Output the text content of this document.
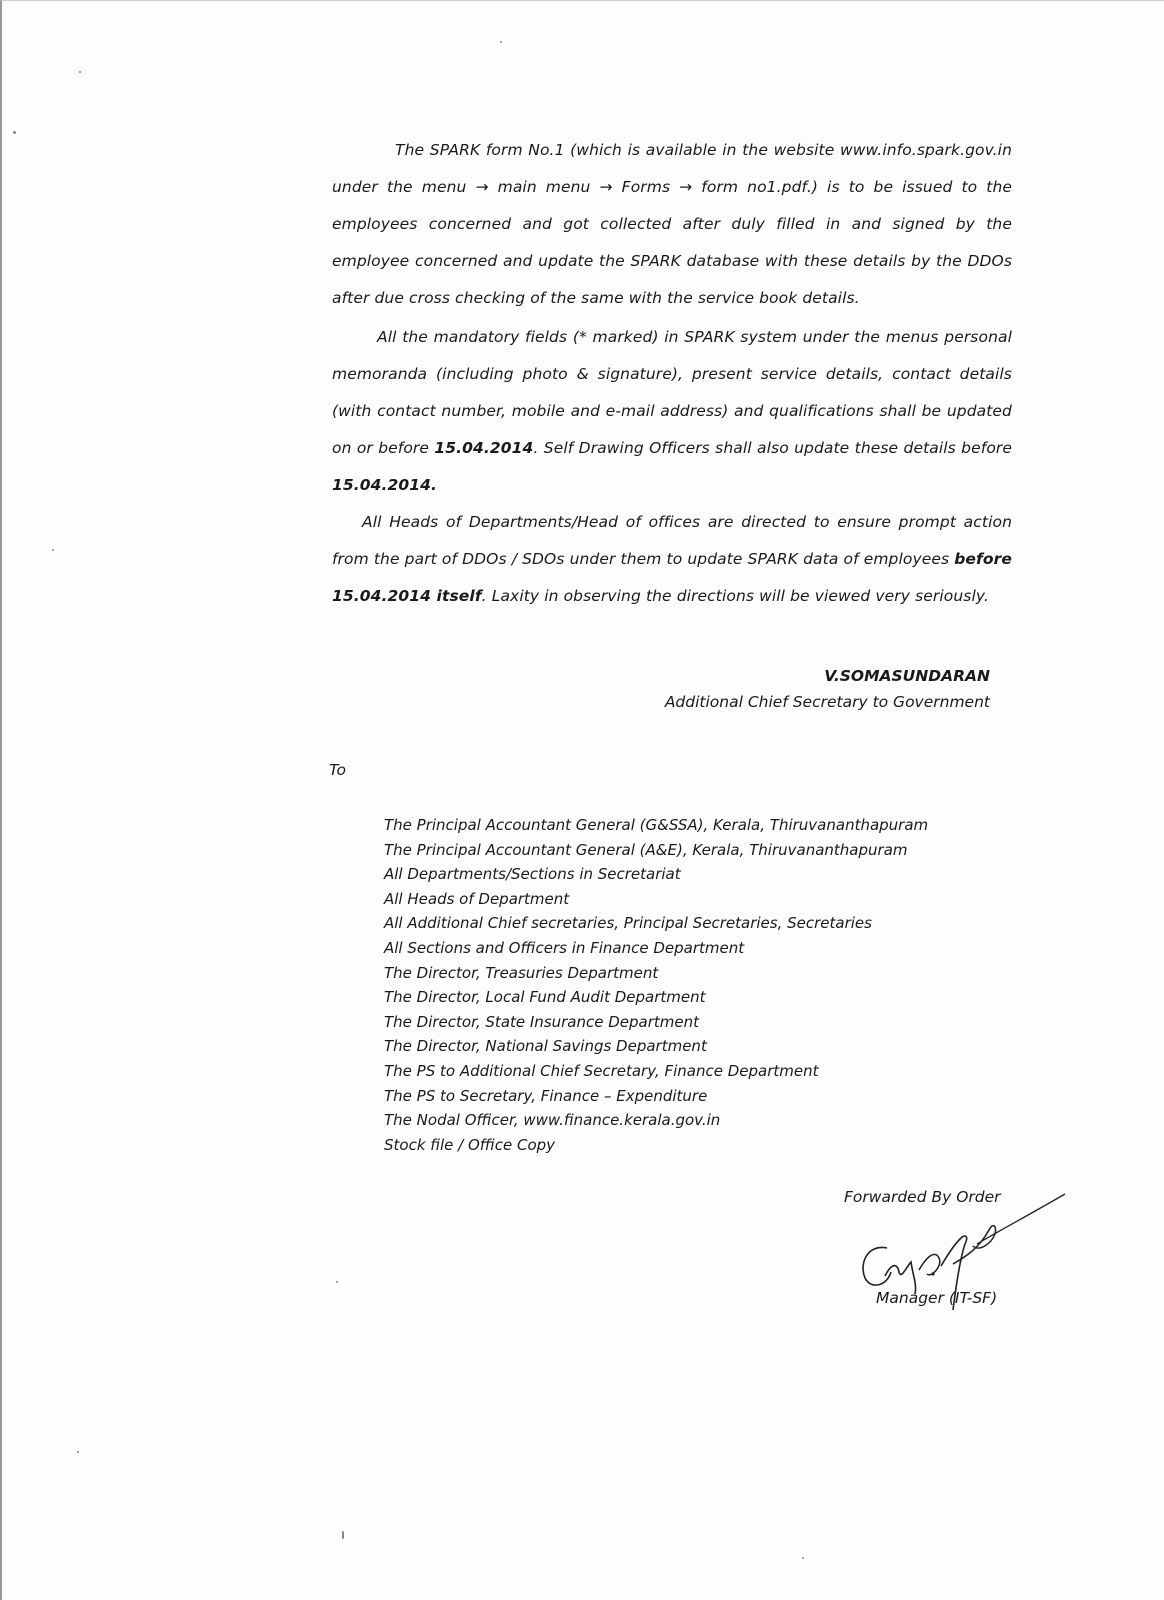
The SPARK form No.1 (which is available in the website www.info.spark.gov.in under the menu → main menu → Forms → form no1.pdf.) is to be issued to the employees concerned and got collected after duly filled in and signed by the employee concerned and update the SPARK database with these details by the DDOs after due cross checking of the same with the service book details.

All the mandatory fields (* marked) in SPARK system under the menus personal memoranda (including photo & signature), present service details, contact details (with contact number, mobile and e-mail address) and qualifications shall be updated on or before 15.04.2014. Self Drawing Officers shall also update these details before 15.04.2014.

All Heads of Departments/Head of offices are directed to ensure prompt action from the part of DDOs / SDOs under them to update SPARK data of employees before 15.04.2014 itself. Laxity in observing the directions will be viewed very seriously.

V.SOMASUNDARAN
Additional Chief Secretary to Government
To
The Principal Accountant General (G&SSA), Kerala, Thiruvananthapuram
The Principal Accountant General (A&E), Kerala, Thiruvananthapuram
All Departments/Sections in Secretariat
All Heads of Department
All Additional Chief secretaries, Principal Secretaries, Secretaries
All Sections and Officers in Finance Department
The Director, Treasuries Department
The Director, Local Fund Audit Department
The Director, State Insurance Department
The Director, National Savings Department
The PS to Additional Chief Secretary, Finance Department
The PS to Secretary, Finance – Expenditure
The Nodal Officer, www.finance.kerala.gov.in
Stock file / Office Copy
Forwarded By Order
Manager (IT-SF)
